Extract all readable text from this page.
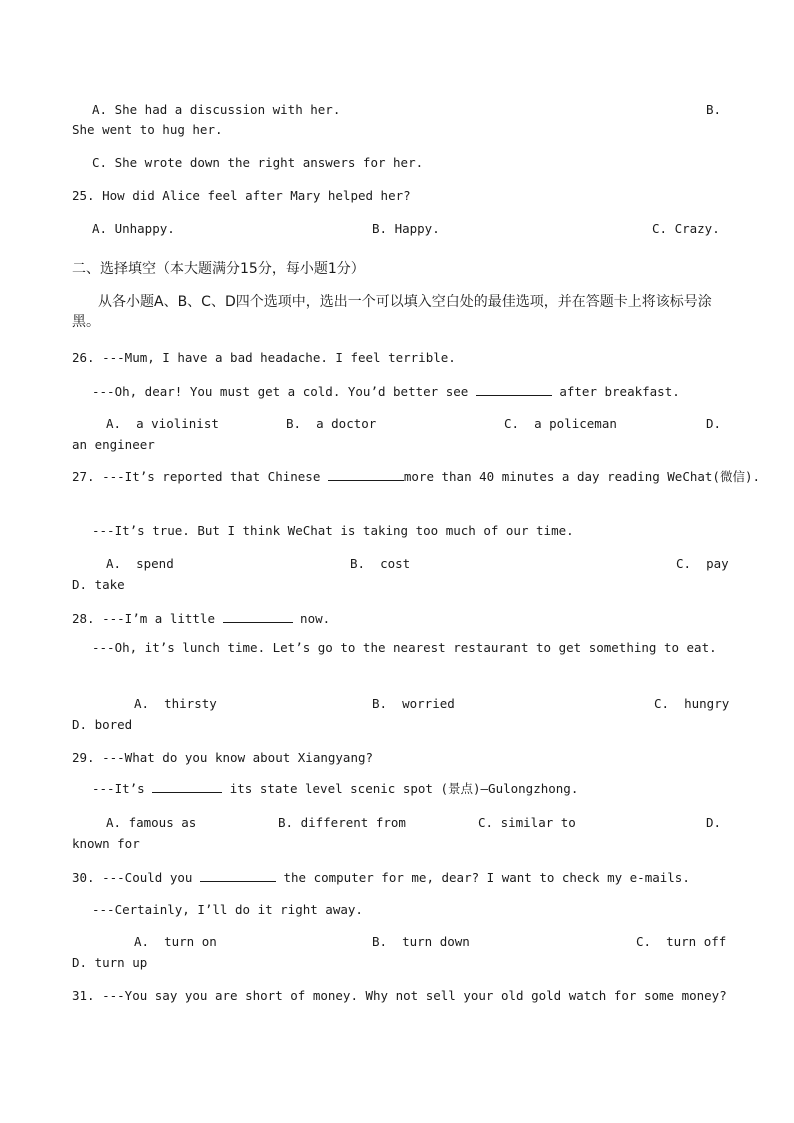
A. She had a discussion with her.	B.
She went to hug her.
C. She wrote down the right answers for her.
25. How did Alice feel after Mary helped her?
A. Unhappy.	B. Happy.	C. Crazy.
二、选择填空（本大题满分15分，每小题1分）
从各小题A、B、C、D四个选项中，选出一个可以填入空白处的最佳选项，并在答题卡上将该标号涂
黑。
26. ---Mum, I have a bad headache. I feel terrible.
---Oh, dear! You must get a cold. You’d better see	after breakfast.
A.  a violinist	B.  a doctor	C.  a policeman	D.
an engineer
27. ---It’s reported that Chinese	more than 40 minutes a day reading WeChat(微信).
---It’s true. But I think WeChat is taking too much of our time.
A.  spend	B.  cost	C.  pay
D. take
28. ---I’m a little	now.
---Oh, it’s lunch time. Let’s go to the nearest restaurant to get something to eat.
A.  thirsty	B.  worried	C.  hungry
D. bored
29. ---What do you know about Xiangyang?
---It’s	its state level scenic spot (景点)—Gulongzhong.
A. famous as	B. different from	C. similar to	D.
known for
30. ---Could you	the computer for me, dear? I want to check my e-mails.
---Certainly, I’ll do it right away.
A.  turn on	B.  turn down	C.  turn off
D. turn up
31. ---You say you are short of money. Why not sell your old gold watch for some money?
